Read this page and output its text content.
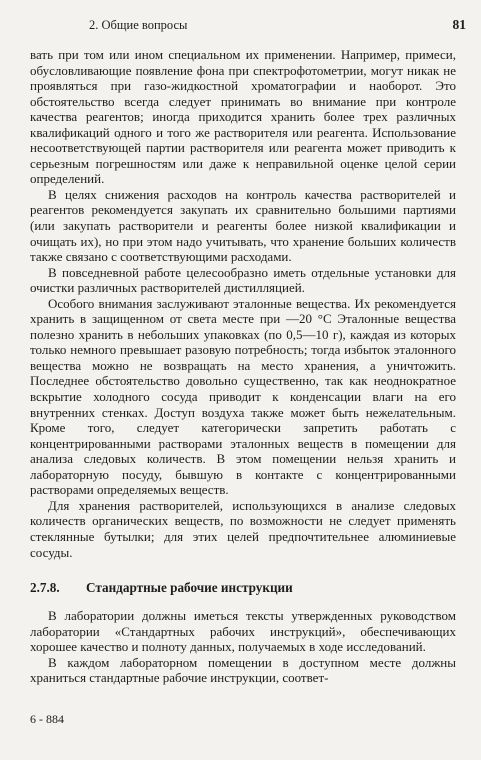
2. Общие вопросы	81

вать при том или ином специальном их применении. Например, примеси, обусловливающие появление фона при спектрофотометрии, могут никак не проявляться при газо-жидкостной хроматографии и наоборот. Это обстоятельство всегда следует принимать во внимание при контроле качества реагентов; иногда приходится хранить более трех различных квалификаций одного и того же растворителя или реагента. Использование несоответствующей партии растворителя или реагента может приводить к серьезным погрешностям или даже к неправильной оценке целой серии определений.

В целях снижения расходов на контроль качества растворителей и реагентов рекомендуется закупать их сравнительно большими партиями (или закупать растворители и реагенты более низкой квалификации и очищать их), но при этом надо учитывать, что хранение больших количеств также связано с соответствующими расходами.

В повседневной работе целесообразно иметь отдельные установки для очистки различных растворителей дистилляцией.

Особого внимания заслуживают эталонные вещества. Их рекомендуется хранить в защищенном от света месте при —20 °С Эталонные вещества полезно хранить в небольших упаковках (по 0,5—10 г), каждая из которых только немного превышает разовую потребность; тогда избыток эталонного вещества можно не возвращать на место хранения, а уничтожить. Последнее обстоятельство довольно существенно, так как неоднократное вскрытие холодного сосуда приводит к конденсации влаги на его внутренних стенках. Доступ воздуха также может быть нежелательным. Кроме того, следует категорически запретить работать с концентрированными растворами эталонных веществ в помещении для анализа следовых количеств. В этом помещении нельзя хранить и лабораторную посуду, бывшую в контакте с концентрированными растворами определяемых веществ.

Для хранения растворителей, использующихся в анализе следовых количеств органических веществ, по возможности не следует применять стеклянные бутылки; для этих целей предпочтительнее алюминиевые сосуды.

2.7.8.	Стандартные рабочие инструкции

В лаборатории должны иметься тексты утвержденных руководством лаборатории «Стандартных рабочих инструкций», обеспечивающих хорошее качество и полноту данных, получаемых в ходе исследований.

В каждом лабораторном помещении в доступном месте должны храниться стандартные рабочие инструкции, соответ-

6 - 884
